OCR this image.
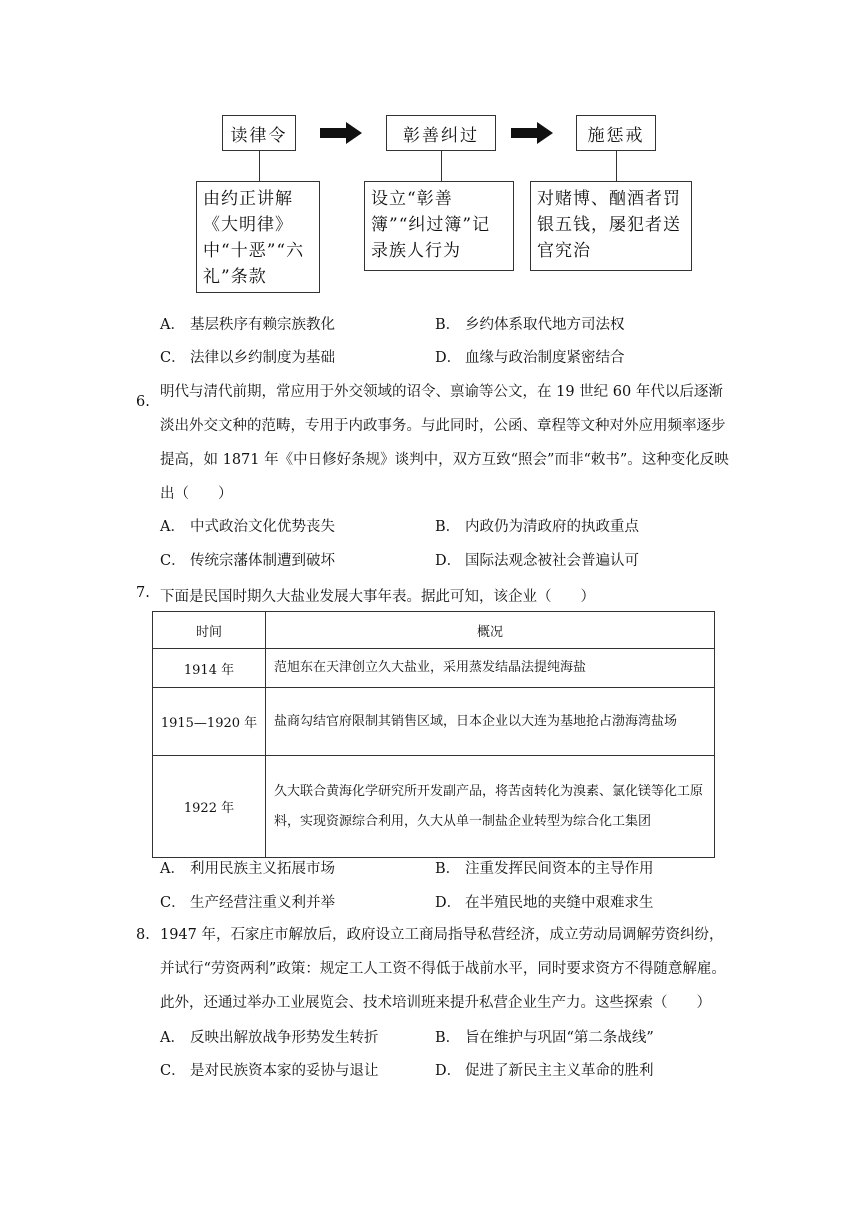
读律令	彰善纠过	施惩戒
由约正讲解《大明律》中“十恶”“六礼”条款
设立“彰善簿”“纠过簿”记录族人行为
对赌博、酗酒者罚银五钱，屡犯者送官究治
A． 基层秩序有赖宗族教化	B． 乡约体系取代地方司法权
C． 法律以乡约制度为基础	D． 血缘与政治制度紧密结合
6.
明代与清代前期，常应用于外交领域的诏令、禀谕等公文，在 19 世纪 60 年代以后逐渐淡出外交文种的范畴，专用于内政事务。与此同时，公函、章程等文种对外应用频率逐步提高，如 1871 年《中日修好条规》谈判中，双方互致“照会”而非“敕书”。这种变化反映出（　　）
A． 中式政治文化优势丧失	B． 内政仍为清政府的执政重点
C． 传统宗藩体制遭到破坏	D． 国际法观念被社会普遍认可
7. 下面是民国时期久大盐业发展大事年表。据此可知，该企业（　　）
时间	概况
1914 年	范旭东在天津创立久大盐业，采用蒸发结晶法提纯海盐
1915—1920 年	盐商勾结官府限制其销售区域，日本企业以大连为基地抢占渤海湾盐场
1922 年	久大联合黄海化学研究所开发副产品，将苦卤转化为溴素、氯化镁等化工原料，实现资源综合利用，久大从单一制盐企业转型为综合化工集团
A． 利用民族主义拓展市场	B． 注重发挥民间资本的主导作用
C． 生产经营注重义利并举	D． 在半殖民地的夹缝中艰难求生
8. 1947 年，石家庄市解放后，政府设立工商局指导私营经济，成立劳动局调解劳资纠纷，并试行“劳资两利”政策：规定工人工资不得低于战前水平，同时要求资方不得随意解雇。此外，还通过举办工业展览会、技术培训班来提升私营企业生产力。这些探索（　　）
A． 反映出解放战争形势发生转折	B． 旨在维护与巩固“第二条战线”
C． 是对民族资本家的妥协与退让	D． 促进了新民主主义革命的胜利
